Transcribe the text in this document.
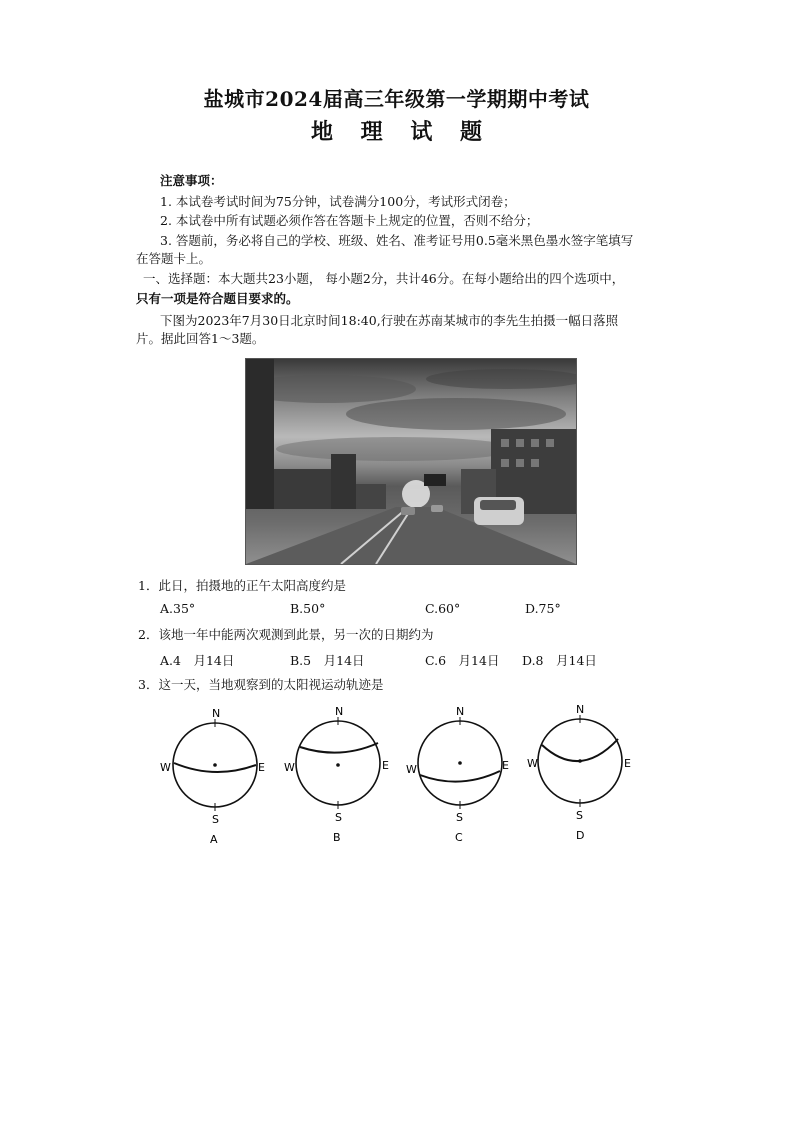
盐城市2024届高三年级第一学期期中考试
地 理 试 题
注意事项：
1. 本试卷考试时间为75分钟，试卷满分100分，考试形式闭卷；
2. 本试卷中所有试题必须作答在答题卡上规定的位置，否则不给分；
3. 答题前，务必将自己的学校、班级、姓名、准考证号用0.5毫米黑色墨水签字笔填写
在答题卡上。
一、选择题：本大题共23小题， 每小题2分，共计46分。在每小题给出的四个选项中，
只有一项是符合题目要求的。
下图为2023年7月30日北京时间18:40,行驶在苏南某城市的李先生拍摄一幅日落照
片。据此回答1～3题。
1．此日，拍摄地的正午太阳高度约是
A.35°	B.50°	C.60°	D.75°
2．该地一年中能两次观测到此景，另一次的日期约为
A.4　月14日	B.5　月14日	C.6　月14日 D.8　月14日
3．这一天，当地观察到的太阳视运动轨迹是
N
S
W	E
A
N
S
W	E
B
N
S
W	E
C
N
S
W	E
D
